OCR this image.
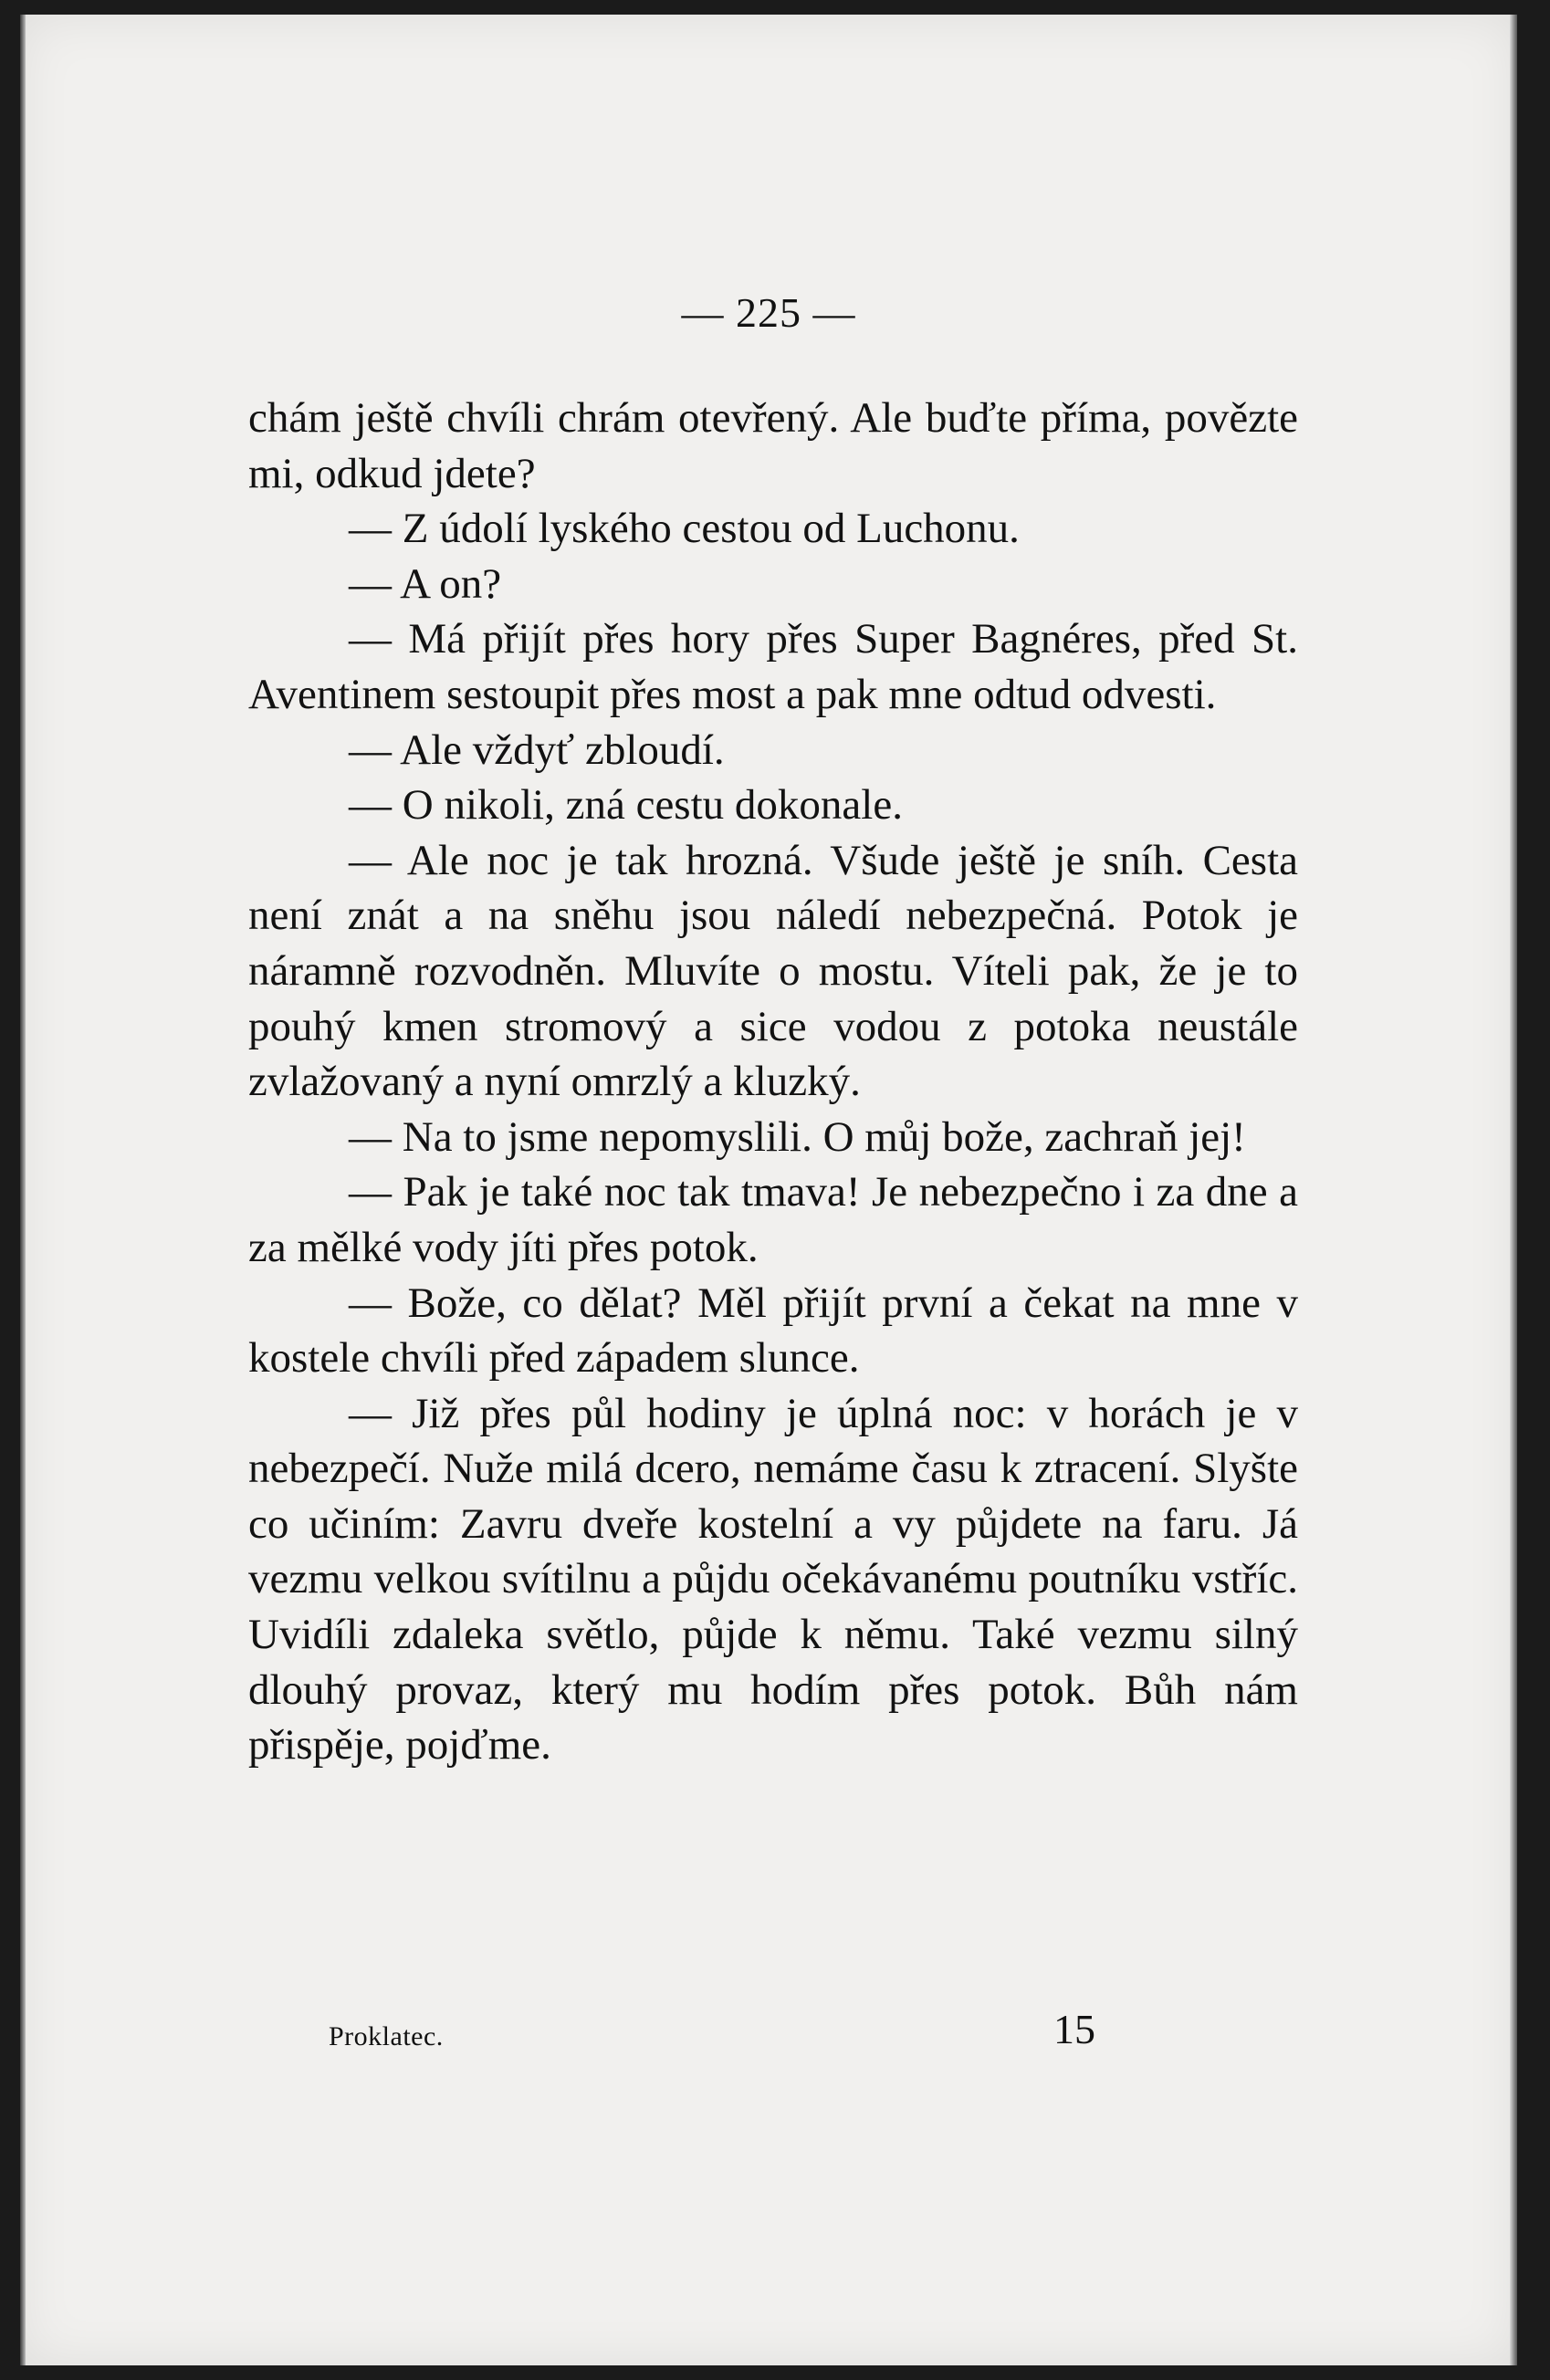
— 225 —

chám ještě chvíli chrám otevřený. Ale buďte příma, povězte mi, odkud jdete?

— Z údolí lyského cestou od Luchonu.

— A on?

— Má přijít přes hory přes Super Bagnéres, před St. Aventinem sestoupit přes most a pak mne odtud odvesti.

— Ale vždyť zbloudí.

— O nikoli, zná cestu dokonale.

— Ale noc je tak hrozná. Všude ještě je sníh. Cesta není znát a na sněhu jsou náledí nebezpečná. Potok je náramně rozvodněn. Mluvíte o mostu. Víteli pak, že je to pouhý kmen stromový a sice vodou z potoka neustále zvlažovaný a nyní omrzlý a kluzký.

— Na to jsme nepomyslili. O můj bože, zachraň jej!

— Pak je také noc tak tmava! Je nebezpečno i za dne a za mělké vody jíti přes potok.

— Bože, co dělat? Měl přijít první a čekat na mne v kostele chvíli před západem slunce.

— Již přes půl hodiny je úplná noc: v horách je v nebezpečí. Nuže milá dcero, nemáme času k ztracení. Slyšte co učiním: Zavru dveře kostelní a vy půjdete na faru. Já vezmu velkou svítilnu a půjdu očekávanému poutníku vstříc. Uvidíli zdaleka světlo, půjde k němu. Také vezmu silný dlouhý provaz, který mu hodím přes potok. Bůh nám přispěje, pojďme.

Proklatec.	15
